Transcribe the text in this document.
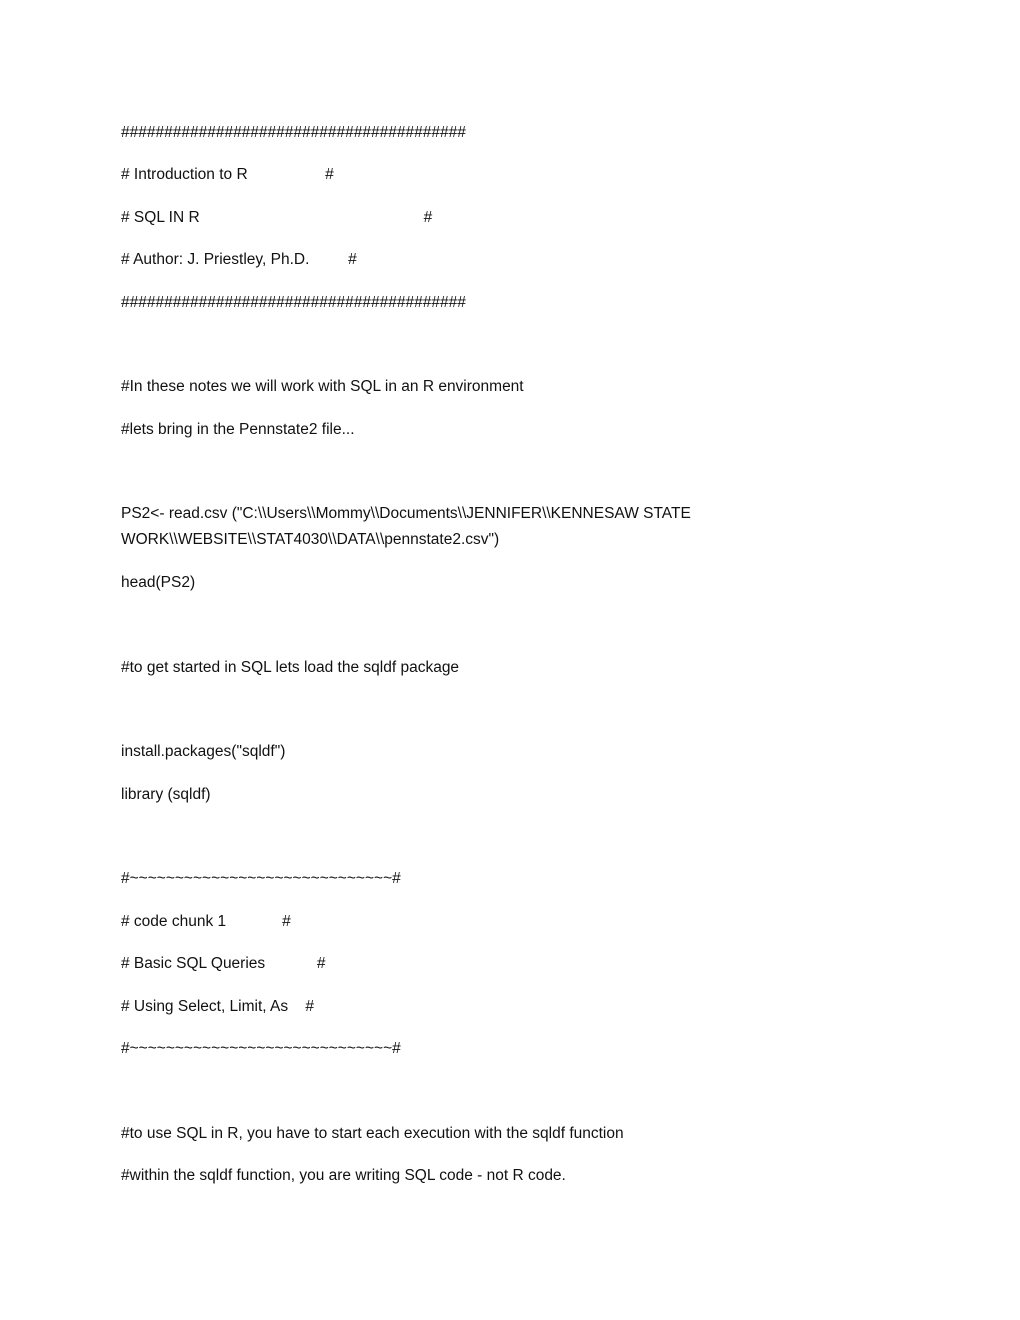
########################################
# Introduction to R                  #
# SQL IN R                                                    #
# Author: J. Priestley, Ph.D.         #
########################################
#In these notes we will work with SQL in an R environment
#lets bring in the Pennstate2 file...
PS2<- read.csv ("C:\\Users\\Mommy\\Documents\\JENNIFER\\KENNESAW STATE WORK\\WEBSITE\\STAT4030\\DATA\\pennstate2.csv")
head(PS2)
#to get started in SQL lets load the sqldf package
install.packages("sqldf")
library (sqldf)
#~~~~~~~~~~~~~~~~~~~~~~~~~~~~~#
# code chunk 1             #
# Basic SQL Queries            #
# Using Select, Limit, As    #
#~~~~~~~~~~~~~~~~~~~~~~~~~~~~~#
#to use SQL in R, you have to start each execution with the sqldf function
#within the sqldf function, you are writing SQL code - not R code.
